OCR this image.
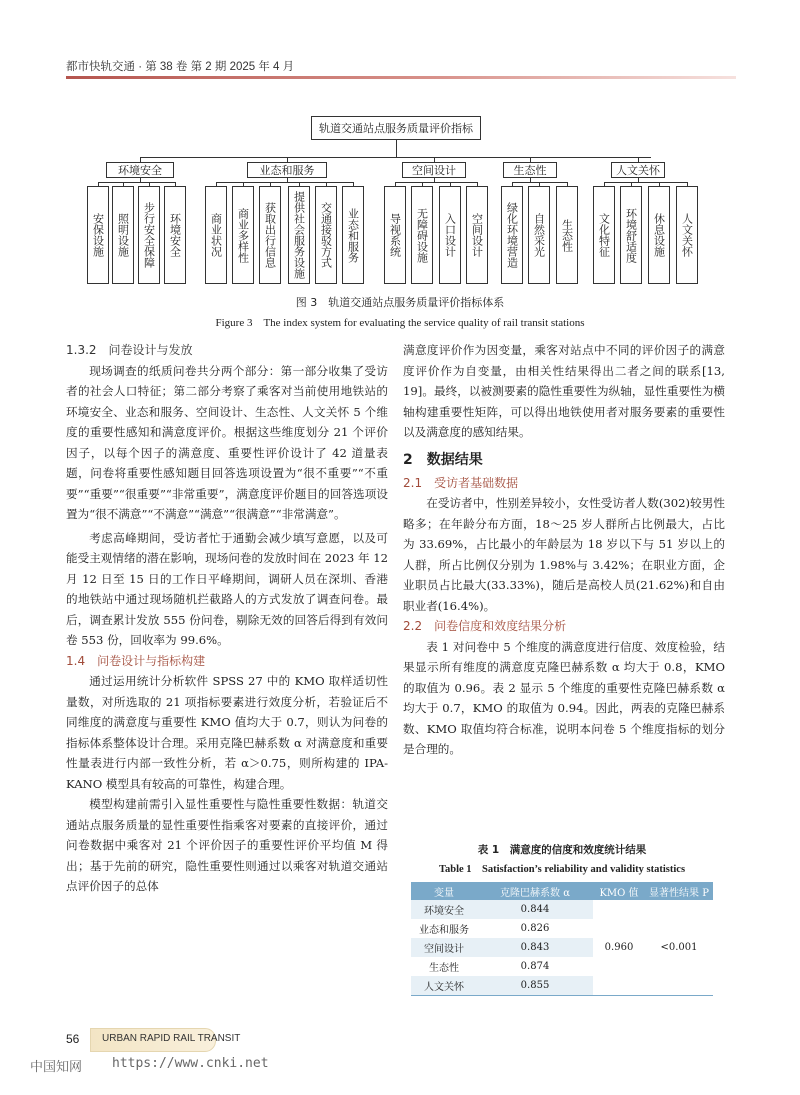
都市快轨交通 · 第 38 卷 第 2 期 2025 年 4 月
轨道交通站点服务质量评价指标
环境安全
安保设施	照明设施	步行安全保障	环境安全
业态和服务
商业状况	商业多样性	获取出行信息	提供社会服务设施	交通接驳方式	业态和服务
空间设计
导视系统	无障碍设施	入口设计	空间设计
生态性
绿化环境营造	自然采光	生态性
人文关怀
文化特征	环境舒适度	休息设施	人文关怀
图 3　轨道交通站点服务质量评价指标体系
Figure 3　The index system for evaluating the service quality of rail transit stations
1.3.2　问卷设计与发放

现场调查的纸质问卷共分两个部分：第一部分收集了受访者的社会人口特征；第二部分考察了乘客对当前使用地铁站的环境安全、业态和服务、空间设计、生态性、人文关怀 5 个维度的重要性感知和满意度评价。根据这些维度划分 21 个评价因子，以每个因子的满意度、重要性评价设计了 42 道量表题，问卷将重要性感知题目回答选项设置为“很不重要”“不重要”“重要”“很重要”“非常重要”，满意度评价题目的回答选项设置为“很不满意”“不满意”“满意”“很满意”“非常满意”。

考虑高峰期间，受访者忙于通勤会减少填写意愿，以及可能受主观情绪的潜在影响，现场问卷的发放时间在 2023 年 12 月 12 日至 15 日的工作日平峰期间，调研人员在深圳、香港的地铁站中通过现场随机拦截路人的方式发放了调查问卷。最后，调查累计发放 555 份问卷，剔除无效的回答后得到有效问卷 553 份，回收率为 99.6%。

1.4　问卷设计与指标构建

通过运用统计分析软件 SPSS 27 中的 KMO 取样适切性量数，对所选取的 21 项指标要素进行效度分析，若验证后不同维度的满意度与重要性 KMO 值均大于 0.7，则认为问卷的指标体系整体设计合理。采用克隆巴赫系数 α 对满意度和重要性量表进行内部一致性分析，若 α＞0.75，则所构建的 IPA-KANO 模型具有较高的可靠性，构建合理。

模型构建前需引入显性重要性与隐性重要性数据：轨道交通站点服务质量的显性重要性指乘客对要素的直接评价，通过问卷数据中乘客对 21 个评价因子的重要性评价平均值 M 得出；基于先前的研究，隐性重要性则通过以乘客对轨道交通站点评价因子的总体

满意度评价作为因变量，乘客对站点中不同的评价因子的满意度评价作为自变量，由相关性结果得出二者之间的联系[13, 19]。最终，以被测要素的隐性重要性为纵轴，显性重要性为横轴构建重要性矩阵，可以得出地铁使用者对服务要素的重要性以及满意度的感知结果。

2　数据结果
2.1　受访者基础数据

在受访者中，性别差异较小，女性受访者人数(302)较男性略多；在年龄分布方面，18～25 岁人群所占比例最大，占比为 33.69%，占比最小的年龄层为 18 岁以下与 51 岁以上的人群，所占比例仅分别为 1.98%与 3.42%；在职业方面，企业职员占比最大(33.33%)，随后是高校人员(21.62%)和自由职业者(16.4%)。

2.2　问卷信度和效度结果分析

表 1 对问卷中 5 个维度的满意度进行信度、效度检验，结果显示所有维度的满意度克隆巴赫系数 α 均大于 0.8，KMO 的取值为 0.96。表 2 显示 5 个维度的重要性克隆巴赫系数 α 均大于 0.7，KMO 的取值为 0.94。因此，两表的克隆巴赫系数、KMO 取值均符合标准，说明本问卷 5 个维度指标的划分是合理的。

表 1　满意度的信度和效度统计结果
Table 1　Satisfaction’s reliability and validity statistics
变量	克隆巴赫系数 α	KMO 值	显著性结果 P
环境安全	0.844	0.960	<0.001
业态和服务	0.826		
空间设计	0.843		
生态性	0.874		
人文关怀	0.855		
56 URBAN RAPID RAIL TRANSIT
中国知网 https://www.cnki.net
